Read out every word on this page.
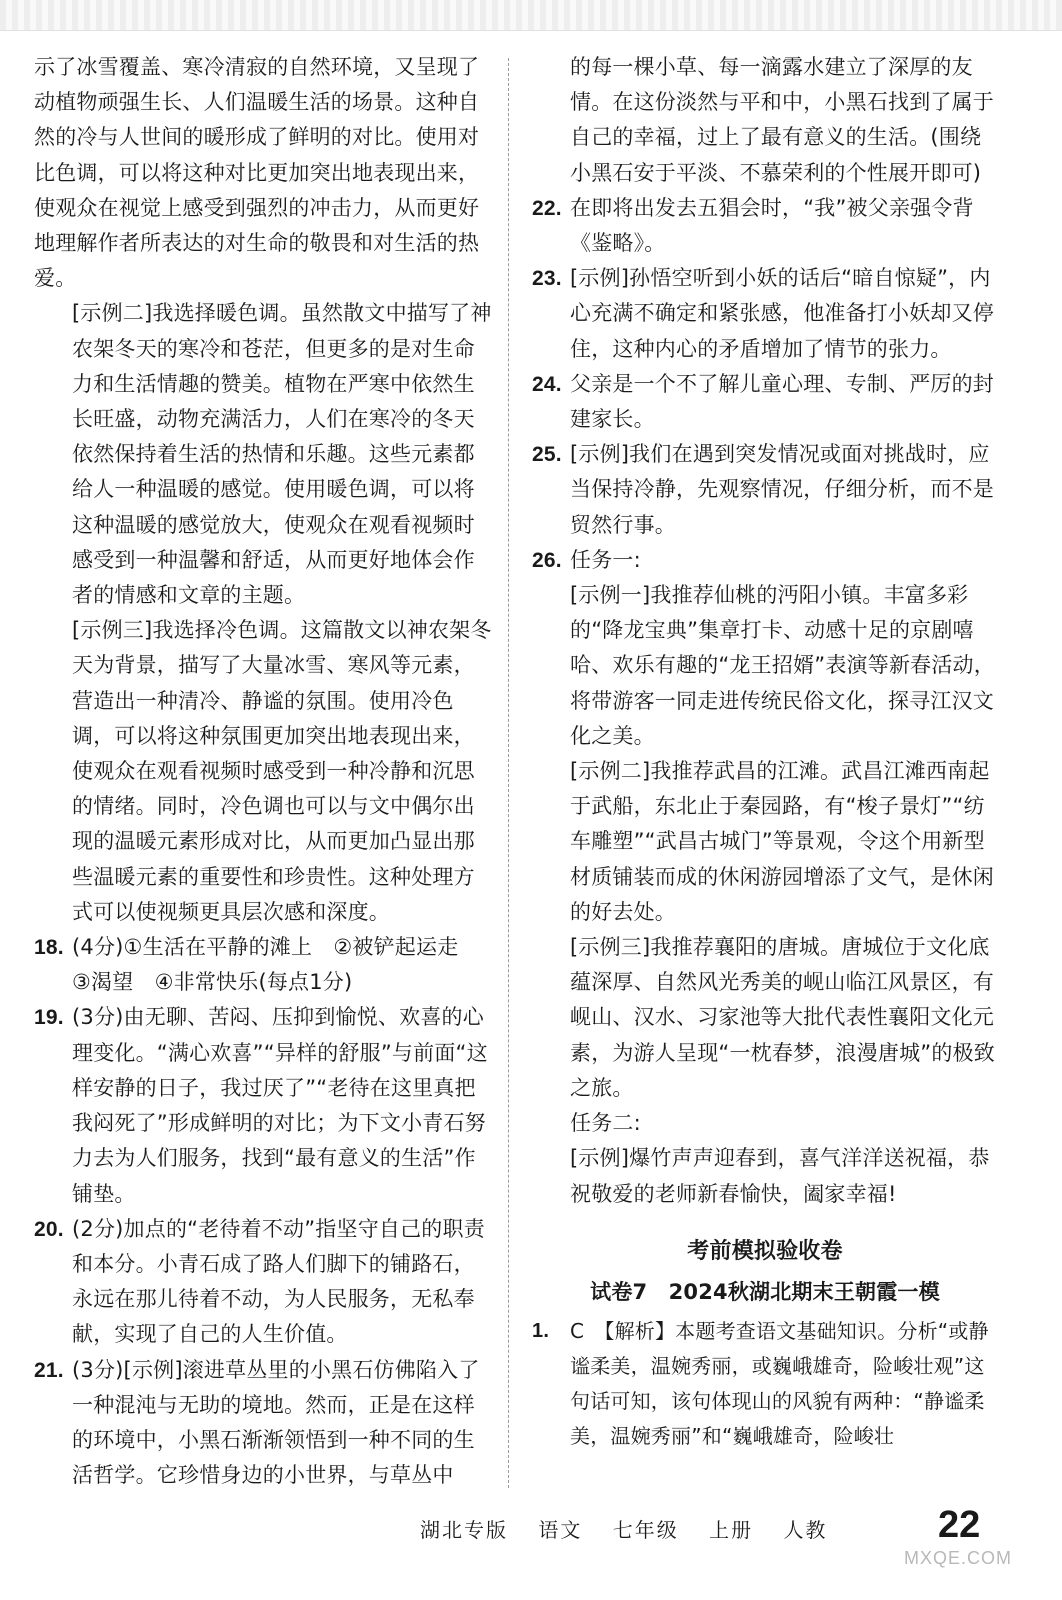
示了冰雪覆盖、寒冷清寂的自然环境，又呈现了动植物顽强生长、人们温暖生活的场景。这种自然的冷与人世间的暖形成了鲜明的对比。使用对比色调，可以将这种对比更加突出地表现出来，使观众在视觉上感受到强烈的冲击力，从而更好地理解作者所表达的对生命的敬畏和对生活的热爱。

[示例二]我选择暖色调。虽然散文中描写了神农架冬天的寒冷和苍茫，但更多的是对生命力和生活情趣的赞美。植物在严寒中依然生长旺盛，动物充满活力，人们在寒冷的冬天依然保持着生活的热情和乐趣。这些元素都给人一种温暖的感觉。使用暖色调，可以将这种温暖的感觉放大，使观众在观看视频时感受到一种温馨和舒适，从而更好地体会作者的情感和文章的主题。

[示例三]我选择冷色调。这篇散文以神农架冬天为背景，描写了大量冰雪、寒风等元素，营造出一种清冷、静谧的氛围。使用冷色调，可以将这种氛围更加突出地表现出来，使观众在观看视频时感受到一种冷静和沉思的情绪。同时，冷色调也可以与文中偶尔出现的温暖元素形成对比，从而更加凸显出那些温暖元素的重要性和珍贵性。这种处理方式可以使视频更具层次感和深度。

18. (4分)①生活在平静的滩上　②被铲起运走　③渴望　④非常快乐(每点1分)
19. (3分)由无聊、苦闷、压抑到愉悦、欢喜的心理变化。“满心欢喜”“异样的舒服”与前面“这样安静的日子，我过厌了”“老待在这里真把我闷死了”形成鲜明的对比；为下文小青石努力去为人们服务，找到“最有意义的生活”作铺垫。
20. (2分)加点的“老待着不动”指坚守自己的职责和本分。小青石成了路人们脚下的铺路石，永远在那儿待着不动，为人民服务，无私奉献，实现了自己的人生价值。
21. (3分)[示例]滚进草丛里的小黑石仿佛陷入了一种混沌与无助的境地。然而，正是在这样的环境中，小黑石渐渐领悟到一种不同的生活哲学。它珍惜身边的小世界，与草丛中

的每一棵小草、每一滴露水建立了深厚的友情。在这份淡然与平和中，小黑石找到了属于自己的幸福，过上了最有意义的生活。(围绕小黑石安于平淡、不慕荣利的个性展开即可)

22. 在即将出发去五猖会时，“我”被父亲强令背《鉴略》。
23. [示例]孙悟空听到小妖的话后“暗自惊疑”，内心充满不确定和紧张感，他准备打小妖却又停住，这种内心的矛盾增加了情节的张力。
24. 父亲是一个不了解儿童心理、专制、严厉的封建家长。
25. [示例]我们在遇到突发情况或面对挑战时，应当保持冷静，先观察情况，仔细分析，而不是贸然行事。
26. 任务一:

[示例一]我推荐仙桃的沔阳小镇。丰富多彩的“降龙宝典”集章打卡、动感十足的京剧嘻哈、欢乐有趣的“龙王招婿”表演等新春活动，将带游客一同走进传统民俗文化，探寻江汉文化之美。

[示例二]我推荐武昌的江滩。武昌江滩西南起于武船，东北止于秦园路，有“梭子景灯”“纺车雕塑”“武昌古城门”等景观，令这个用新型材质铺装而成的休闲游园增添了文气，是休闲的好去处。

[示例三]我推荐襄阳的唐城。唐城位于文化底蕴深厚、自然风光秀美的岘山临江风景区，有岘山、汉水、习家池等大批代表性襄阳文化元素，为游人呈现“一枕春梦，浪漫唐城”的极致之旅。

任务二:

[示例]爆竹声声迎春到，喜气洋洋送祝福，恭祝敬爱的老师新春愉快，阖家幸福!

考前模拟验收卷
试卷7　2024秋湖北期末王朝霞一模
1. C　【解析】本题考查语文基础知识。分析“或静谧柔美，温婉秀丽，或巍峨雄奇，险峻壮观”这句话可知，该句体现山的风貌有两种：“静谧柔美，温婉秀丽”和“巍峨雄奇，险峻壮
湖北专版 语文 七年级 上册 人教	22
MXQE.COM
